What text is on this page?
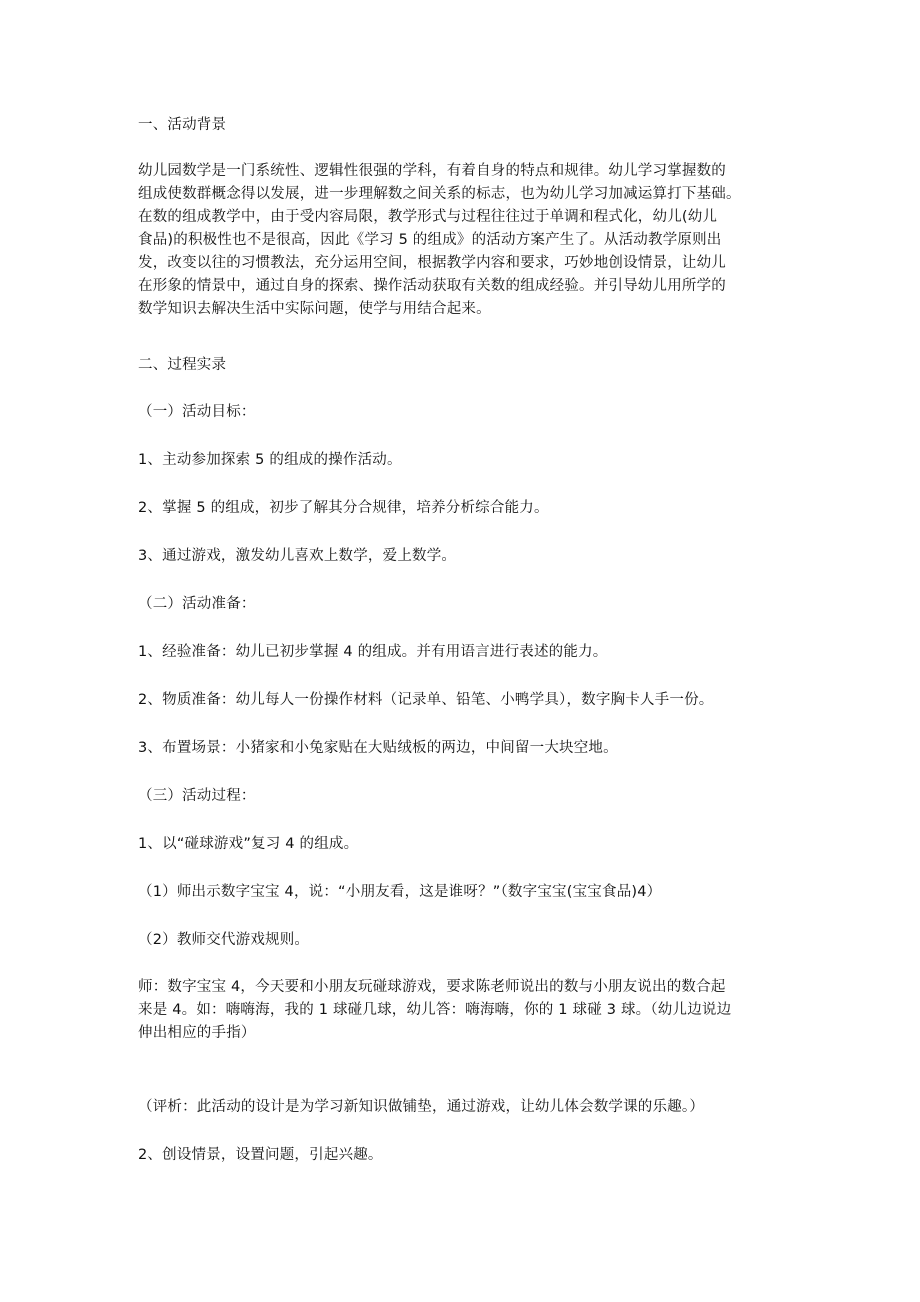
一、活动背景
幼儿园数学是一门系统性、逻辑性很强的学科，有着自身的特点和规律。幼儿学习掌握数的
组成使数群概念得以发展，进一步理解数之间关系的标志，也为幼儿学习加减运算打下基础。
在数的组成教学中，由于受内容局限，教学形式与过程往往过于单调和程式化，幼儿(幼儿
食品)的积极性也不是很高，因此《学习 5 的组成》的活动方案产生了。从活动教学原则出
发，改变以往的习惯教法，充分运用空间，根据教学内容和要求，巧妙地创设情景，让幼儿
在形象的情景中，通过自身的探索、操作活动获取有关数的组成经验。并引导幼儿用所学的
数学知识去解决生活中实际问题，使学与用结合起来。
二、过程实录
（一）活动目标：
1、主动参加探索 5 的组成的操作活动。
2、掌握 5 的组成，初步了解其分合规律，培养分析综合能力。
3、通过游戏，激发幼儿喜欢上数学，爱上数学。
（二）活动准备：
1、经验准备：幼儿已初步掌握 4 的组成。并有用语言进行表述的能力。
2、物质准备：幼儿每人一份操作材料（记录单、铅笔、小鸭学具），数字胸卡人手一份。
3、布置场景：小猪家和小兔家贴在大贴绒板的两边，中间留一大块空地。
（三）活动过程：
1、以“碰球游戏”复习 4 的组成。
（1）师出示数字宝宝 4，说：“小朋友看，这是谁呀？”（数字宝宝(宝宝食品)4）
（2）教师交代游戏规则。
师：数字宝宝 4，今天要和小朋友玩碰球游戏，要求陈老师说出的数与小朋友说出的数合起
来是 4。如：嗨嗨海，我的 1 球碰几球，幼儿答：嗨海嗨，你的 1 球碰 3 球。（幼儿边说边
伸出相应的手指）
（评析：此活动的设计是为学习新知识做铺垫，通过游戏，让幼儿体会数学课的乐趣。）
2、创设情景，设置问题，引起兴趣。
